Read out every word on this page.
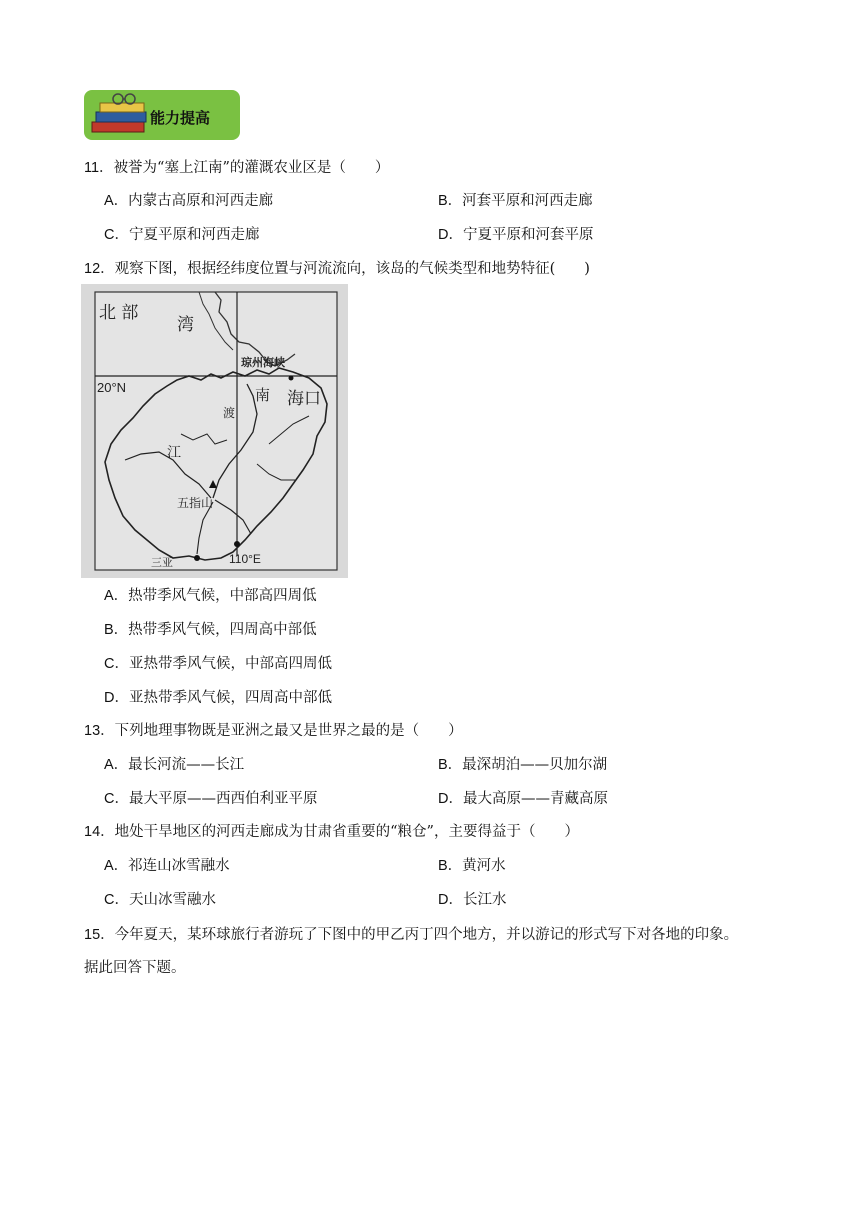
能力提高
11．被誉为“塞上江南”的灌溉农业区是（　　）
A．内蒙古高原和河西走廊	B．河套平原和河西走廊
C．宁夏平原和河西走廊	D．宁夏平原和河套平原
12．观察下图，根据经纬度位置与河流流向，该岛的气候类型和地势特征(　　)
北 部
湾
琼州海峡
20°N	南 海口
渡
江
五指山
三亚	110°E
A．热带季风气候，中部高四周低
B．热带季风气候，四周高中部低
C．亚热带季风气候，中部高四周低
D．亚热带季风气候，四周高中部低
13．下列地理事物既是亚洲之最又是世界之最的是（　　）
A．最长河流——长江	B．最深胡泊——贝加尔湖
C．最大平原——西西伯利亚平原	D．最大高原——青藏高原
14．地处干旱地区的河西走廊成为甘肃省重要的“粮仓”，主要得益于（　　）
A．祁连山冰雪融水	B．黄河水
C．天山冰雪融水	D．长江水
15．今年夏天，某环球旅行者游玩了下图中的甲乙丙丁四个地方，并以游记的形式写下对各地的印象。
据此回答下题。
